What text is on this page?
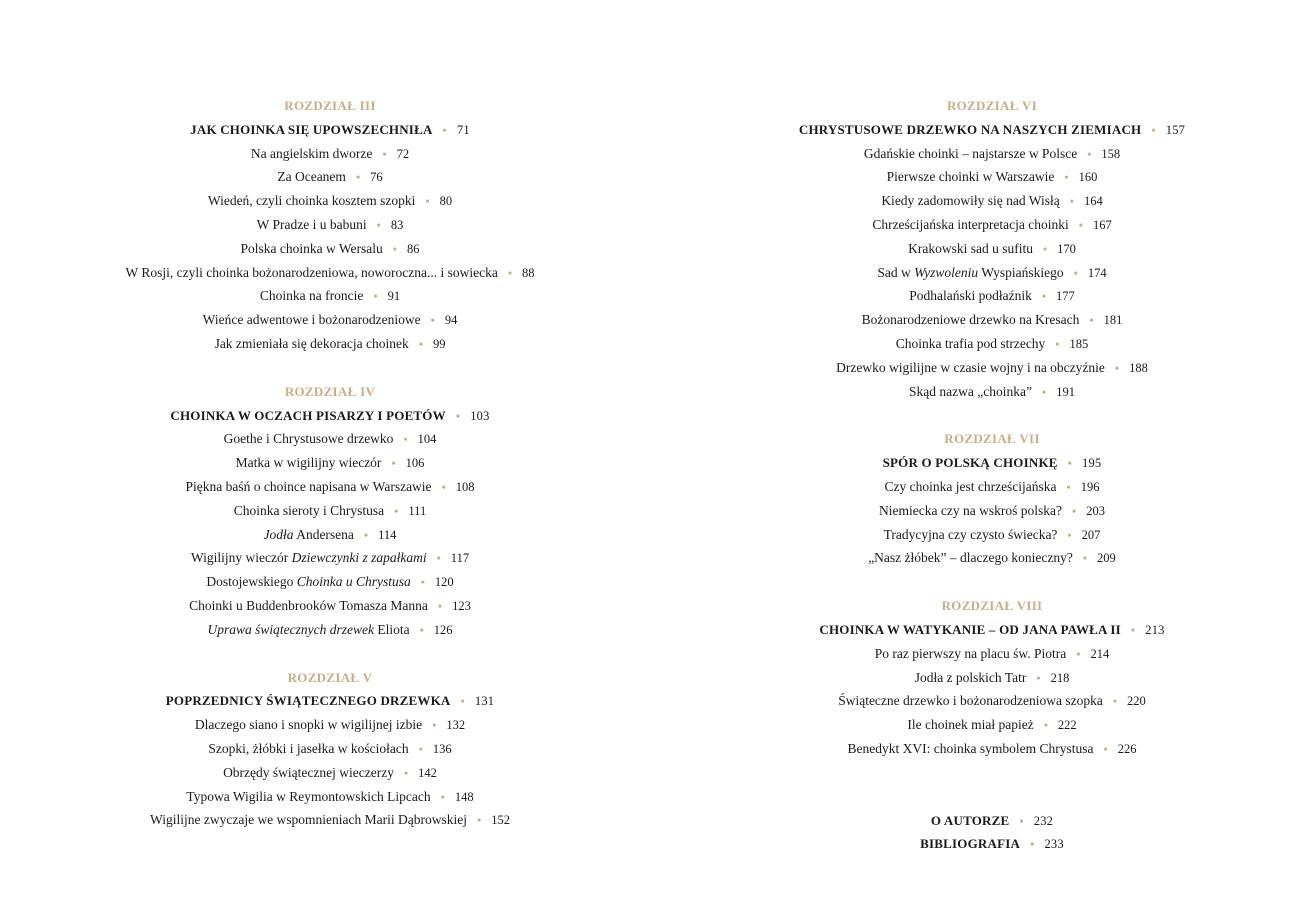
ROZDZIAŁ III
JAK CHOINKA SIĘ UPOWSZECHNIŁA • 71
Na angielskim dworze • 72
Za Oceanem • 76
Wiedeń, czyli choinka kosztem szopki • 80
W Pradze i u babuni • 83
Polska choinka w Wersalu • 86
W Rosji, czyli choinka bożonarodzeniowa, noworoczna... i sowiecka • 88
Choinka na froncie • 91
Wieńce adwentowe i bożonarodzeniowe • 94
Jak zmieniała się dekoracja choinek • 99
ROZDZIAŁ IV
CHOINKA W OCZACH PISARZY I POETÓW • 103
Goethe i Chrystusowe drzewko • 104
Matka w wigilijny wieczór • 106
Piękna baśń o choince napisana w Warszawie • 108
Choinka sieroty i Chrystusa • 111
Jodła Andersena • 114
Wigilijny wieczór Dziewczynki z zapałkami • 117
Dostojewskiego Choinka u Chrystusa • 120
Choinki u Buddenbrooków Tomasza Manna • 123
Uprawa świątecznych drzewek Eliota • 126
ROZDZIAŁ V
POPRZEDNICY ŚWIĄTECZNEGO DRZEWKA • 131
Dlaczego siano i snopki w wigilijnej izbie • 132
Szopki, żłóbki i jasełka w kościołach • 136
Obrzędy świątecznej wieczerzy • 142
Typowa Wigilia w Reymontowskich Lipcach • 148
Wigilijne zwyczaje we wspomnieniach Marii Dąbrowskiej • 152
ROZDZIAŁ VI
CHRYSTUSOWE DRZEWKO NA NASZYCH ZIEMIACH • 157
Gdańskie choinki – najstarsze w Polsce • 158
Pierwsze choinki w Warszawie • 160
Kiedy zadomowiły się nad Wisłą • 164
Chrześcijańska interpretacja choinki • 167
Krakowski sad u sufitu • 170
Sad w Wyzwoleniu Wyspiańskiego • 174
Podhalański podłaźnik • 177
Bożonarodzeniowe drzewko na Kresach • 181
Choinka trafia pod strzechy • 185
Drzewko wigilijne w czasie wojny i na obczyźnie • 188
Skąd nazwa „choinka” • 191
ROZDZIAŁ VII
SPÓR O POLSKĄ CHOINKĘ • 195
Czy choinka jest chrześcijańska • 196
Niemiecka czy na wskroś polska? • 203
Tradycyjna czy czysto świecka? • 207
„Nasz żłóbek” – dlaczego konieczny? • 209
ROZDZIAŁ VIII
CHOINKA W WATYKANIE – OD JANA PAWŁA II • 213
Po raz pierwszy na placu św. Piotra • 214
Jodła z polskich Tatr • 218
Świąteczne drzewko i bożonarodzeniowa szopka • 220
Ile choinek miał papież • 222
Benedykt XVI: choinka symbolem Chrystusa • 226
O AUTORZE • 232
BIBLIOGRAFIA • 233
